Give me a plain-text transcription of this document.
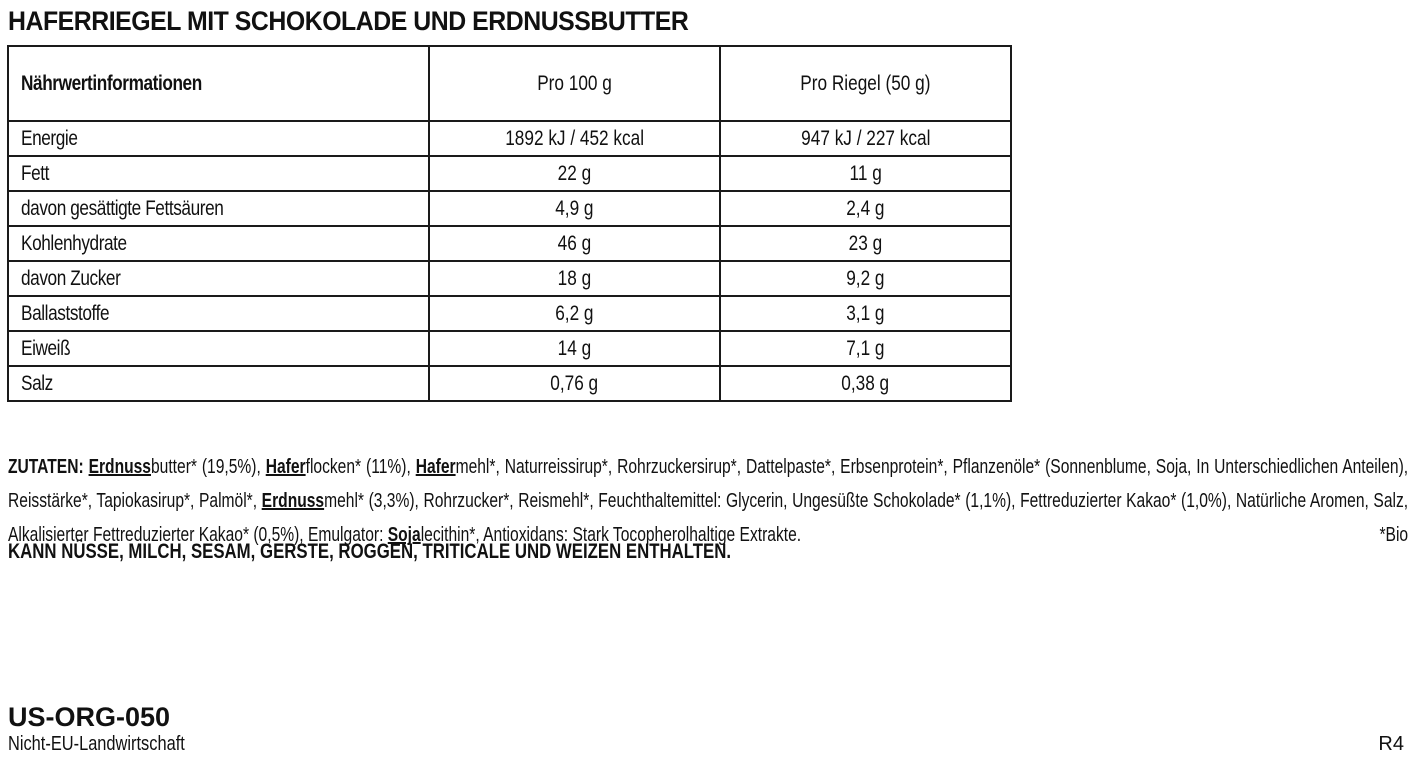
HAFERRIEGEL MIT SCHOKOLADE UND ERDNUSSBUTTER
Nährwertinformationen	Pro 100 g	Pro Riegel (50 g)
Energie	1892 kJ / 452 kcal	947 kJ / 227 kcal
Fett	22 g	11 g
davon gesättigte Fettsäuren	4,9 g	2,4 g
Kohlenhydrate	46 g	23 g
davon Zucker	18 g	9,2 g
Ballaststoffe	6,2 g	3,1 g
Eiweiß	14 g	7,1 g
Salz	0,76 g	0,38 g
ZUTATEN: Erdnussbutter* (19,5%), Haferflocken* (11%), Hafermehl*, Naturreissirup*, Rohrzuckersirup*, Dattelpaste*, Erbsenprotein*, Pflanzenöle* (Sonnenblume, Soja, In Unterschiedlichen Anteilen), Reisstärke*, Tapiokasirup*, Palmöl*, Erdnussmehl* (3,3%), Rohrzucker*, Reismehl*, Feuchthaltemittel: Glycerin, Ungesüßte Schokolade* (1,1%), Fettreduzierter Kakao* (1,0%), Natürliche Aromen, Salz, Alkalisierter Fettreduzierter Kakao* (0,5%), Emulgator: Sojalecithin*, Antioxidans: Stark Tocopherolhaltige Extrakte.	*Bio
KANN NÜSSE, MILCH, SESAM, GERSTE, ROGGEN, TRITICALE UND WEIZEN ENTHALTEN.
US-ORG-050
Nicht-EU-Landwirtschaft	R4
